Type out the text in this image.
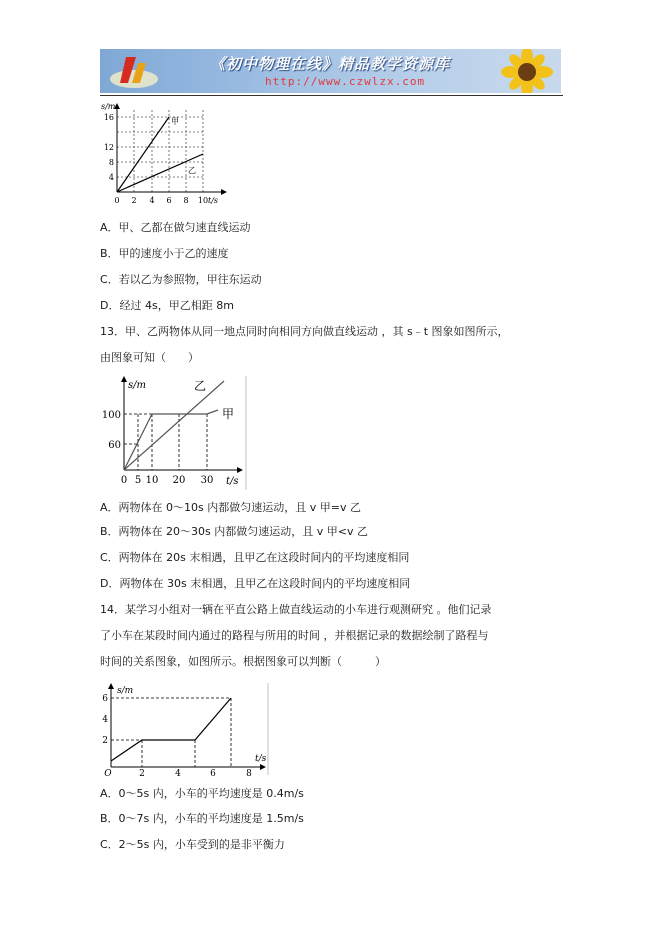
《初中物理在线》精品教学资源库
http://www.czwlzx.com
s/m
t/s
甲
乙
16
12
8
4
0 2 4 6 8 10
A．甲、乙都在做匀速直线运动
B．甲的速度小于乙的速度
C．若以乙为参照物，甲往东运动
D．经过 4s，甲乙相距 8m
13．甲、乙两物体从同一地点同时向相同方向做直线运动 ，其 s﹣t 图象如图所示，
由图象可知（　　）
s/m
t/s
乙
甲
100
60
0 5 10 20 30
A．两物体在 0～10s 内都做匀速运动，且 v 甲=v 乙
B．两物体在 20～30s 内都做匀速运动，且 v 甲<v 乙
C．两物体在 20s 末相遇，且甲乙在这段时间内的平均速度相同
D．两物体在 30s 末相遇，且甲乙在这段时间内的平均速度相同
14．某学习小组对一辆在平直公路上做直线运动的小车进行观测研究 。他们记录
了小车在某段时间内通过的路程与所用的时间 ，并根据记录的数据绘制了路程与
时间的关系图象，如图所示。根据图象可以判断（　　　）
s/m
t/s
6
4
2
O	2	4	6	8
A．0～5s 内，小车的平均速度是 0.4m/s
B．0～7s 内，小车的平均速度是 1.5m/s
C．2～5s 内，小车受到的是非平衡力
